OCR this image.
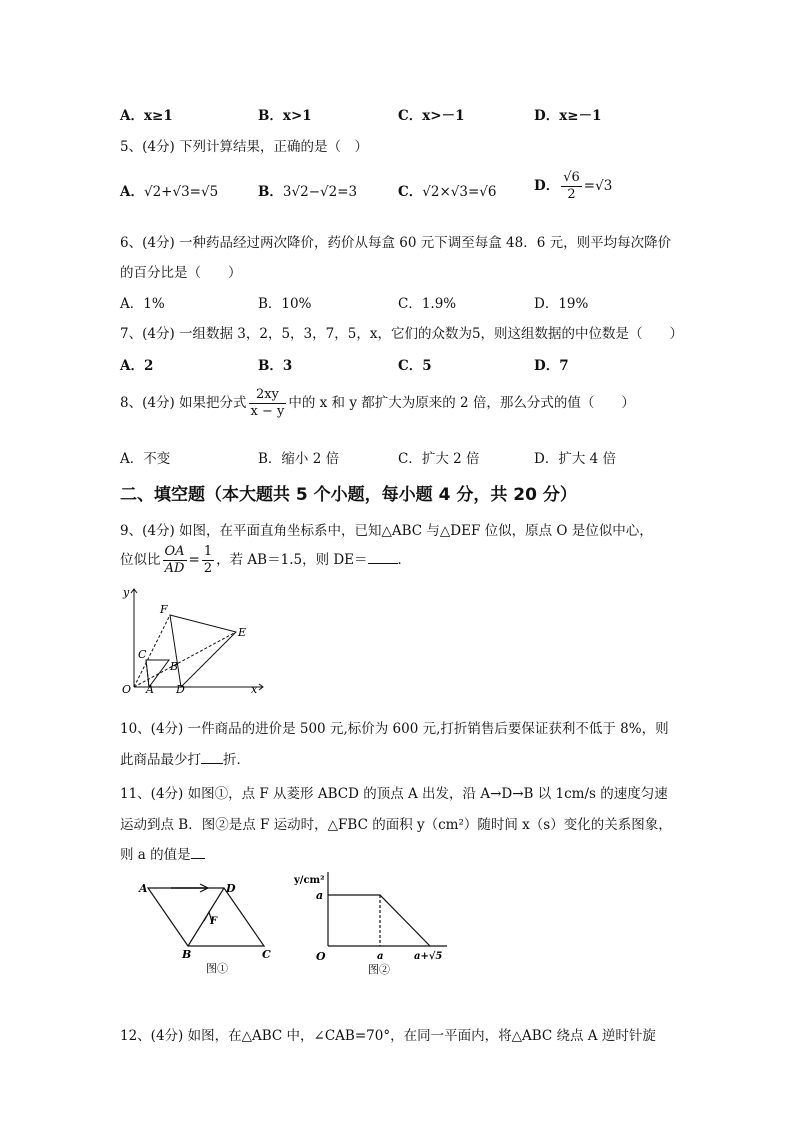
A．x≥1	B．x>1	C．x>－1	D．x≥－1
5、(4分) 下列计算结果，正确的是（　）
A．√2+√3=√5	B．3√2−√2=3	C．√2×√3=√6	D． $\frac{√6}{2} =√3$
6、(4分) 一种药品经过两次降价，药价从每盒 60 元下调至每盒 48．6 元，则平均每次降价
的百分比是（　　）
A．1%	B．10%	C．1.9%	D．19%
7、(4分) 一组数据 3，2，5，3，7，5，x，它们的众数为5，则这组数据的中位数是（　　）
A．2	B．3	C．5	D．7
8、(4分) 如果把分式 $\frac{2xy}{x - y}$ 中的 x 和 y 都扩大为原来的 2 倍，那么分式的值（　　）
A．不变	B．缩小 2 倍	C．扩大 2 倍	D．扩大 4 倍
二、填空题（本大题共 5 个小题，每小题 4 分，共 20 分）
9、(4分) 如图，在平面直角坐标系中，已知△ABC 与△DEF 位似，原点 O 是位似中心，
位似比 $\frac{OA}{AD} = \frac{1}{2}$ ，若 AB＝1.5，则 DE＝ ．
y
x
O A
B
C
D
E
F
10、(4分) 一件商品的进价是 500 元,标价为 600 元,打折销售后要保证获利不低于 8%，则
此商品最少打 折．
11、(4分) 如图①，点 F 从菱形 ABCD 的顶点 A 出发，沿 A→D→B 以 1cm/s 的速度匀速
运动到点 B．图②是点 F 运动时，△FBC 的面积 y（cm²）随时间 x（s）变化的关系图象，
则 a 的值是
A	D
B	C
F
图①
y/cm²
a
O	a	a+√5
图②
12、(4分) 如图，在△ABC 中，∠CAB=70°，在同一平面内，将△ABC 绕点 A 逆时针旋
